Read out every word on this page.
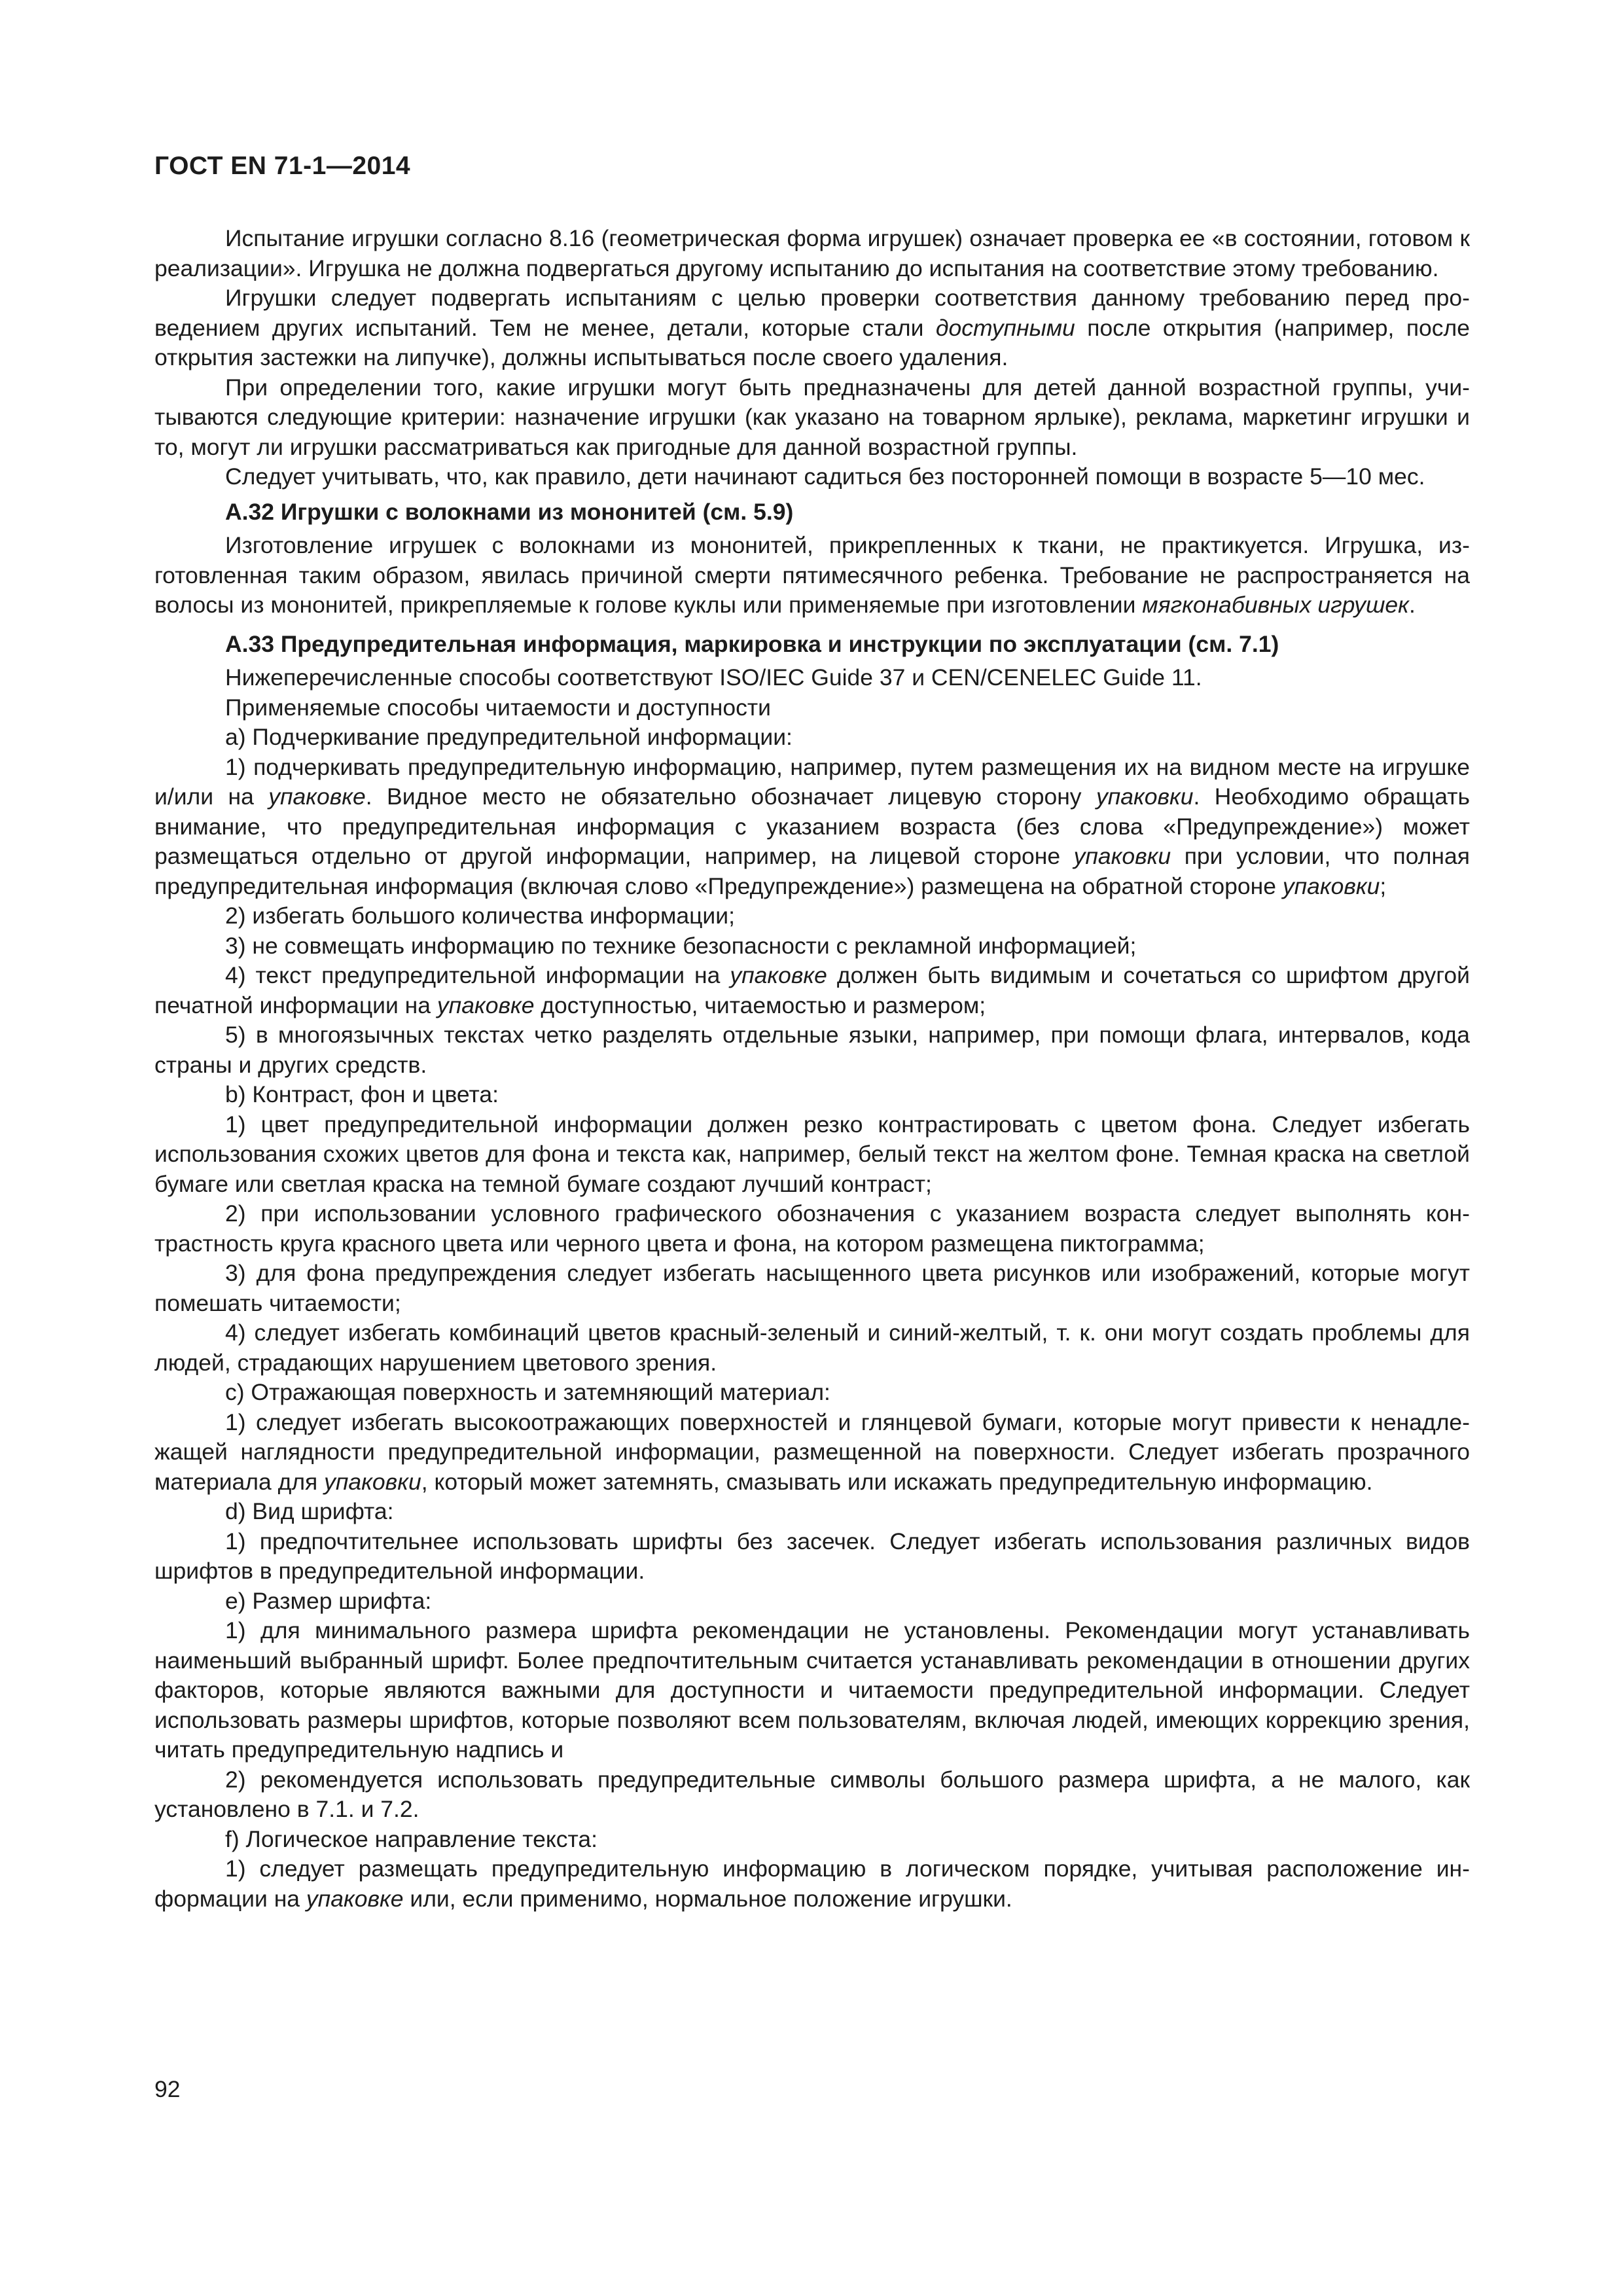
ГОСТ EN 71-1—2014

Испытание игрушки согласно 8.16 (геометрическая форма игрушек) означает проверка ее «в состоянии, готовом к реализации». Игрушка не должна подвергаться другому испытанию до испытания на соответствие этому требованию.

Игрушки следует подвергать испытаниям с целью проверки соответствия данному требованию перед проведением других испытаний. Тем не менее, детали, которые стали доступными после открытия (например, после открытия застежки на липучке), должны испытываться после своего удаления.

При определении того, какие игрушки могут быть предназначены для детей данной возрастной группы, учитываются следующие критерии: назначение игрушки (как указано на товарном ярлыке), реклама, маркетинг игрушки и то, могут ли игрушки рассматриваться как пригодные для данной возрастной группы.

Следует учитывать, что, как правило, дети начинают садиться без посторонней помощи в возрасте 5—10 мес.

А.32 Игрушки с волокнами из мононитей (см. 5.9)

Изготовление игрушек с волокнами из мононитей, прикрепленных к ткани, не практикуется. Игрушка, изготовленная таким образом, явилась причиной смерти пятимесячного ребенка. Требование не распространяется на волосы из мононитей, прикрепляемые к голове куклы или применяемые при изготовлении мягконабивных игрушек.

А.33 Предупредительная информация, маркировка и инструкции по эксплуатации (см. 7.1)

Нижеперечисленные способы соответствуют ISO/IEC Guide 37 и CEN/CENELEC Guide 11.

Применяемые способы читаемости и доступности

a) Подчеркивание предупредительной информации:

1) подчеркивать предупредительную информацию, например, путем размещения их на видном месте на игрушке и/или на упаковке. Видное место не обязательно обозначает лицевую сторону упаковки. Необходимо обращать внимание, что предупредительная информация с указанием возраста (без слова «Предупреждение») может размещаться отдельно от другой информации, например, на лицевой стороне упаковки при условии, что полная предупредительная информация (включая слово «Предупреждение») размещена на обратной стороне упаковки;

2) избегать большого количества информации;

3) не совмещать информацию по технике безопасности с рекламной информацией;

4) текст предупредительной информации на упаковке должен быть видимым и сочетаться со шрифтом другой печатной информации на упаковке доступностью, читаемостью и размером;

5) в многоязычных текстах четко разделять отдельные языки, например, при помощи флага, интервалов, кода страны и других средств.

b) Контраст, фон и цвета:

1) цвет предупредительной информации должен резко контрастировать с цветом фона. Следует избегать использования схожих цветов для фона и текста как, например, белый текст на желтом фоне. Темная краска на светлой бумаге или светлая краска на темной бумаге создают лучший контраст;

2) при использовании условного графического обозначения с указанием возраста следует выполнять контрастность круга красного цвета или черного цвета и фона, на котором размещена пиктограмма;

3) для фона предупреждения следует избегать насыщенного цвета рисунков или изображений, которые могут помешать читаемости;

4) следует избегать комбинаций цветов красный-зеленый и синий-желтый, т. к. они могут создать проблемы для людей, страдающих нарушением цветового зрения.

c) Отражающая поверхность и затемняющий материал:

1) следует избегать высокоотражающих поверхностей и глянцевой бумаги, которые могут привести к ненадлежащей наглядности предупредительной информации, размещенной на поверхности. Следует избегать прозрачного материала для упаковки, который может затемнять, смазывать или искажать предупредительную информацию.

d) Вид шрифта:

1) предпочтительнее использовать шрифты без засечек. Следует избегать использования различных видов шрифтов в предупредительной информации.

e) Размер шрифта:

1) для минимального размера шрифта рекомендации не установлены. Рекомендации могут устанавливать наименьший выбранный шрифт. Более предпочтительным считается устанавливать рекомендации в отношении других факторов, которые являются важными для доступности и читаемости предупредительной информации. Следует использовать размеры шрифтов, которые позволяют всем пользователям, включая людей, имеющих коррекцию зрения, читать предупредительную надпись и

2) рекомендуется использовать предупредительные символы большого размера шрифта, а не малого, как установлено в 7.1. и 7.2.

f) Логическое направление текста:

1) следует размещать предупредительную информацию в логическом порядке, учитывая расположение информации на упаковке или, если применимо, нормальное положение игрушки.

92
